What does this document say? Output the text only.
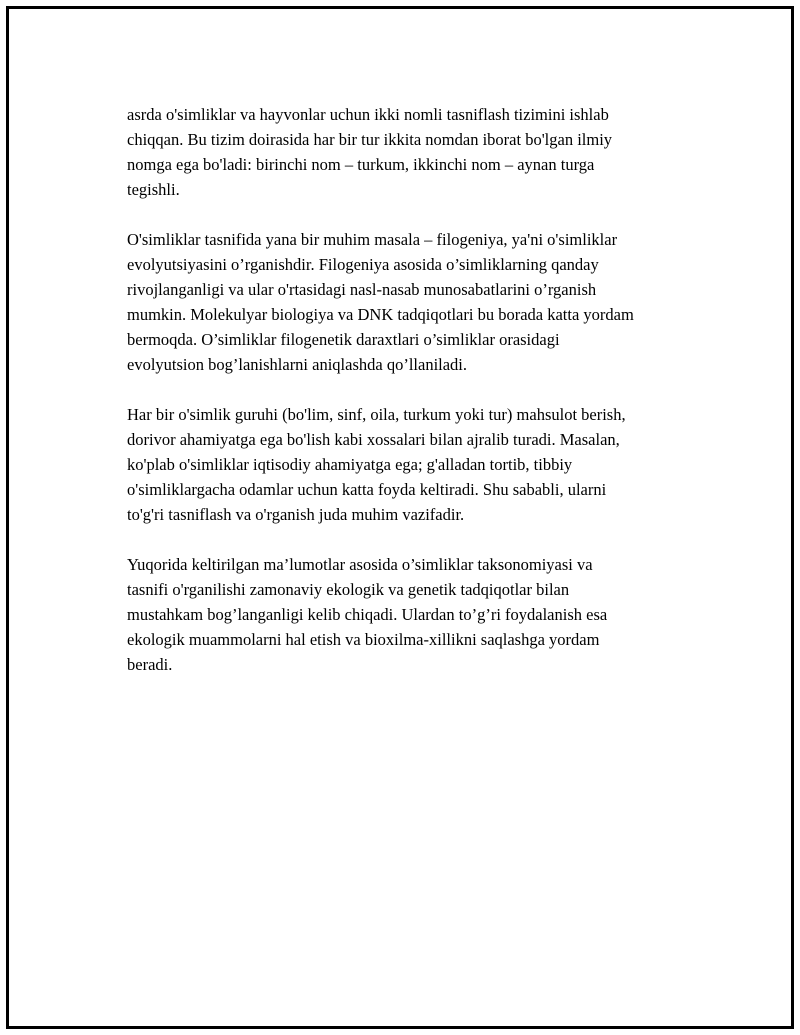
asrda o'simliklar va hayvonlar uchun ikki nomli tasniflash tizimini ishlab
chiqqan. Bu tizim doirasida har bir tur ikkita nomdan iborat bo'lgan ilmiy
nomga ega bo'ladi: birinchi nom – turkum, ikkinchi nom – aynan turga
tegishli.

O'simliklar tasnifida yana bir muhim masala – filogeniya, ya'ni o'simliklar
evolyutsiyasini o’rganishdir. Filogeniya asosida o’simliklarning qanday
rivojlanganligi va ular o'rtasidagi nasl-nasab munosabatlarini o’rganish
mumkin. Molekulyar biologiya va DNK tadqiqotlari bu borada katta yordam
bermoqda. O’simliklar filogenetik daraxtlari o’simliklar orasidagi
evolyutsion bog’lanishlarni aniqlashda qo’llaniladi.

Har bir o'simlik guruhi (bo'lim, sinf, oila, turkum yoki tur) mahsulot berish,
dorivor ahamiyatga ega bo'lish kabi xossalari bilan ajralib turadi. Masalan,
ko'plab o'simliklar iqtisodiy ahamiyatga ega; g'alladan tortib, tibbiy
o'simliklargacha odamlar uchun katta foyda keltiradi. Shu sababli, ularni
to'g'ri tasniflash va o'rganish juda muhim vazifadir.

Yuqorida keltirilgan ma’lumotlar asosida o’simliklar taksonomiyasi va
tasnifi o'rganilishi zamonaviy ekologik va genetik tadqiqotlar bilan
mustahkam bog’langanligi kelib chiqadi. Ulardan to’g’ri foydalanish esa
ekologik muammolarni hal etish va bioxilma-xillikni saqlashga yordam
beradi.
